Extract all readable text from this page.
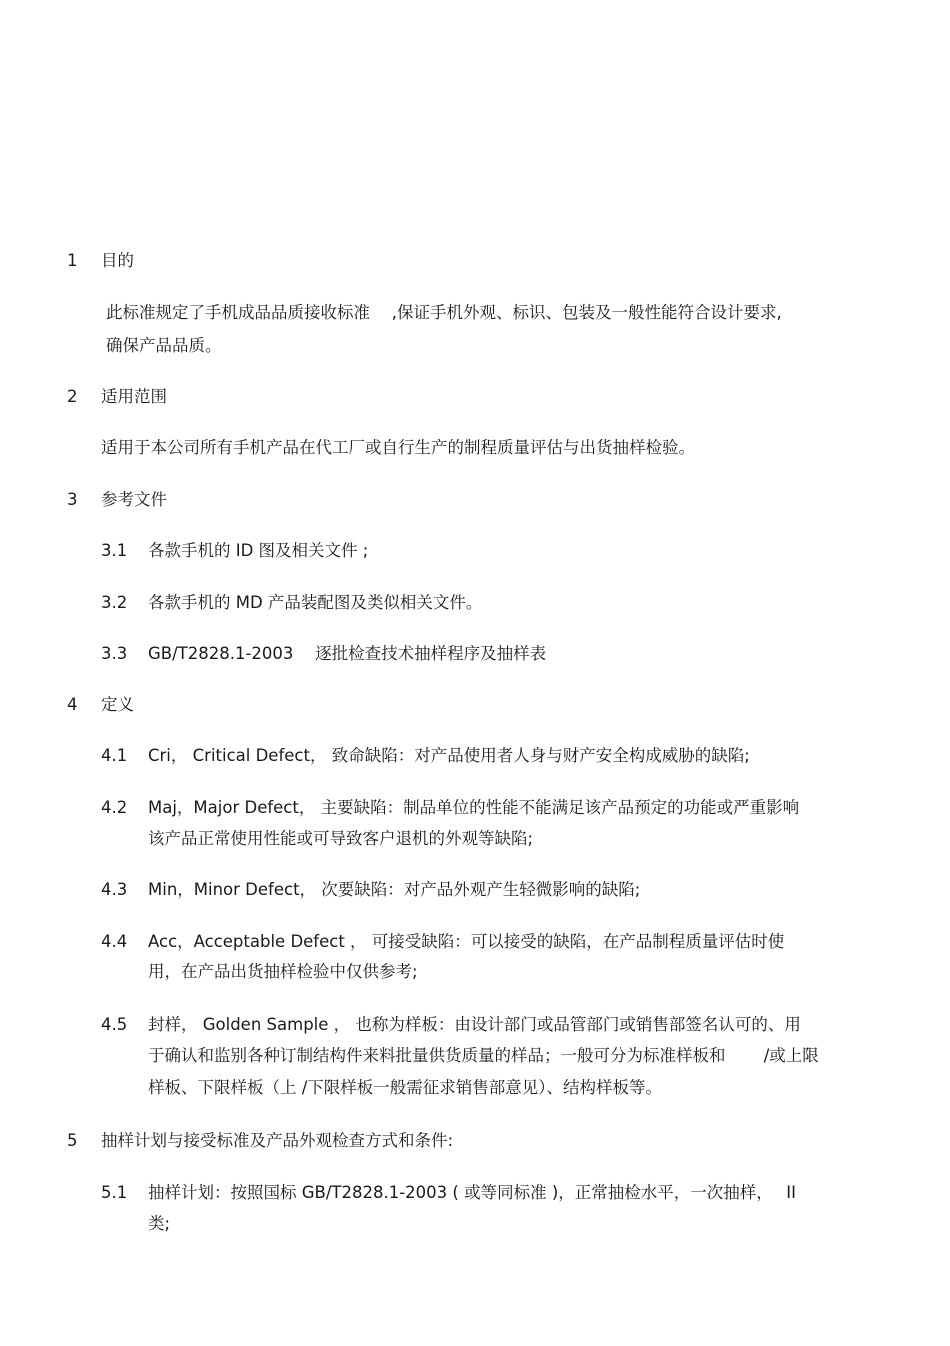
1 目的
此标准规定了手机成品品质接收标准　 ,保证手机外观、标识、包装及一般性能符合设计要求,
确保产品品质。
2 适用范围
适用于本公司所有手机产品在代工厂或自行生产的制程质量评估与出货抽样检验。
3 参考文件
3.1 各款手机的 ID 图及相关文件 ;
3.2 各款手机的 MD 产品装配图及类似相关文件。
3.3 GB/T2828.1-2003　 逐批检查技术抽样程序及抽样表
4 定义
4.1 Cri， Critical Defect， 致命缺陷：对产品使用者人身与财产安全构成威胁的缺陷;
4.2 Maj，Major Defect， 主要缺陷：制品单位的性能不能满足该产品预定的功能或严重影响
该产品正常使用性能或可导致客户退机的外观等缺陷;
4.3 Min，Minor Defect， 次要缺陷：对产品外观产生轻微影响的缺陷;
4.4 Acc，Acceptable Defect ， 可接受缺陷：可以接受的缺陷，在产品制程质量评估时使
用，在产品出货抽样检验中仅供参考;
4.5 封样， Golden Sample ， 也称为样板：由设计部门或品管部门或销售部签名认可的、用
于确认和监别各种订制结构件来料批量供货质量的样品；一般可分为标准样板和　　 /或上限
样板、下限样板（上 /下限样板一般需征求销售部意见）、结构样板等。
5 抽样计划与接受标准及产品外观检查方式和条件:
5.1 抽样计划：按照国标 GB/T2828.1-2003 ( 或等同标准 )，正常抽检水平，一次抽样，　 II
类;
